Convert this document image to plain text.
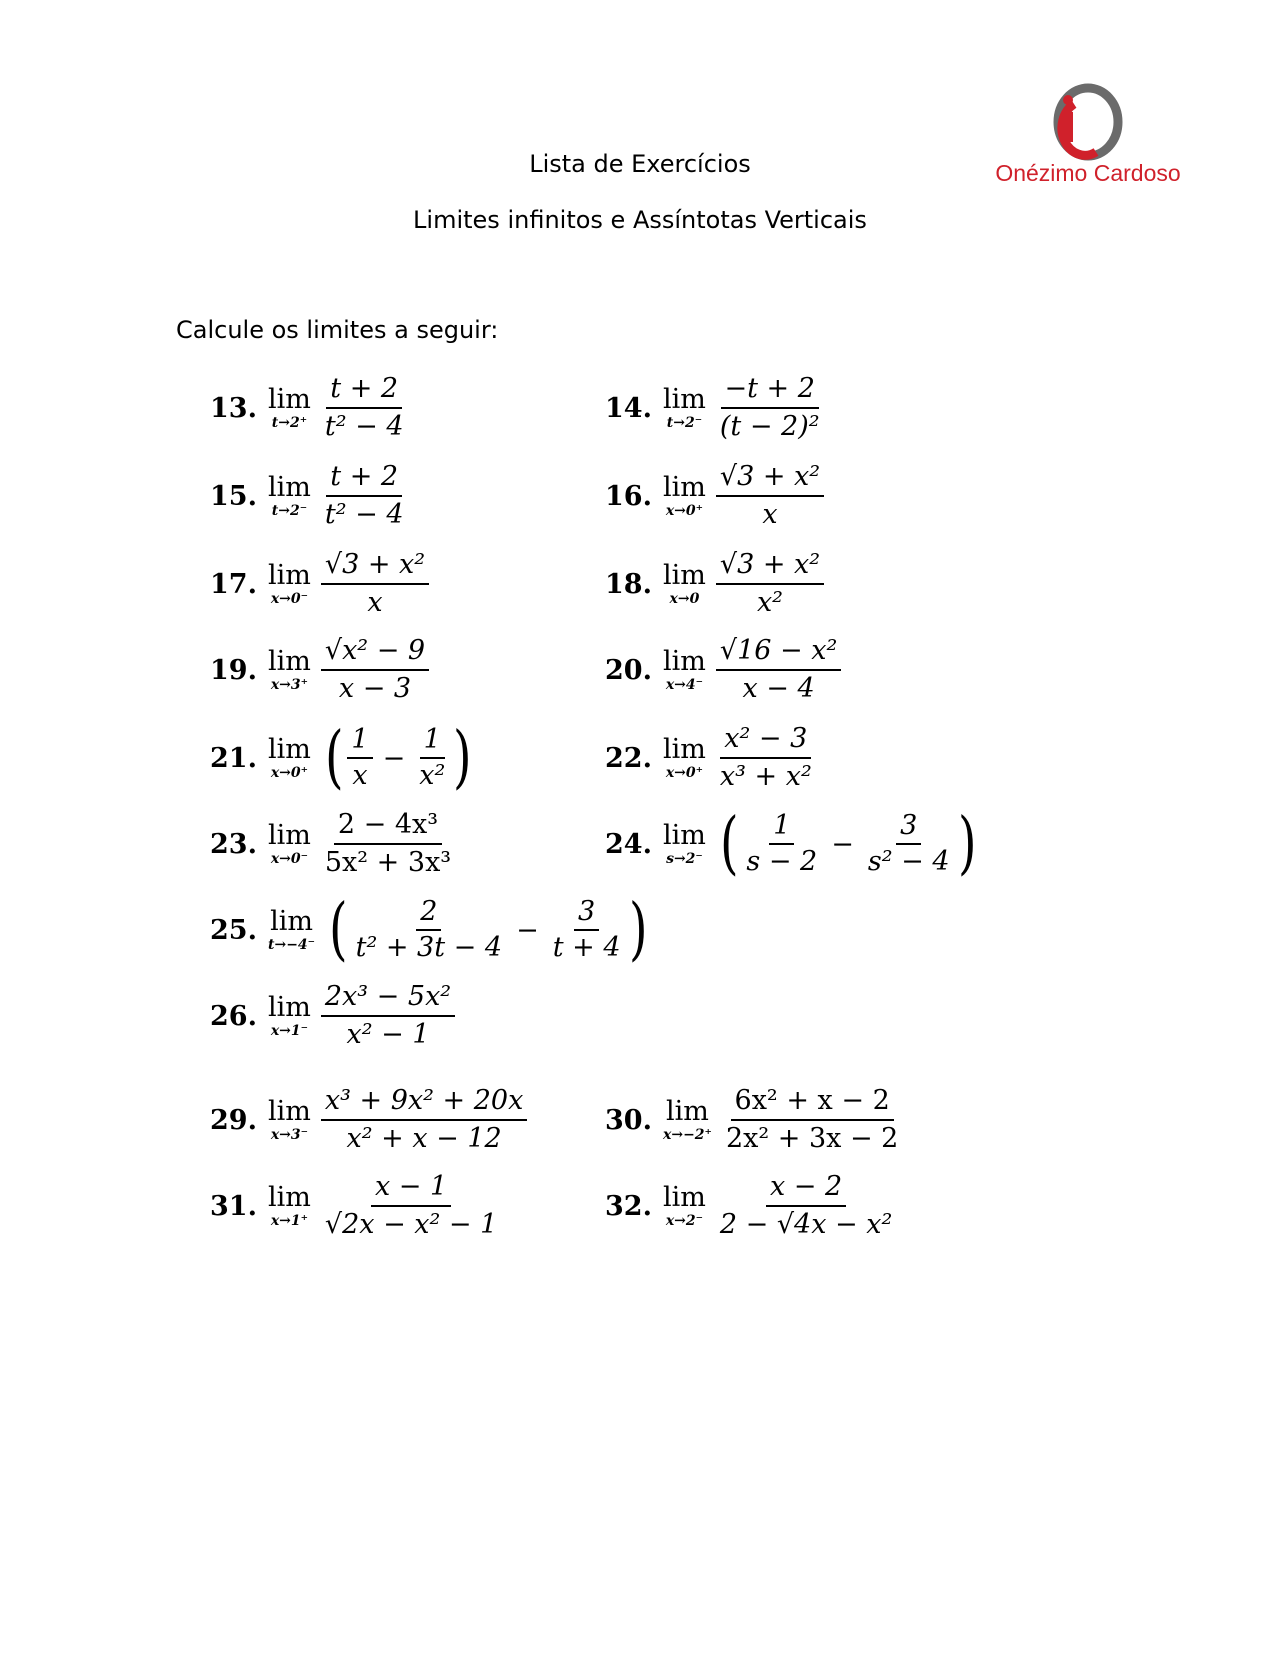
Lista de Exercícios
Limites infinitos e Assíntotas Verticais
Onézimo Cardoso
Calcule os limites a seguir:
13. lim
$t\to 2^+ \frac{t + 2}{\text{t² − 4}}$	14. lim
$t\to 2^- \frac{-t + 2}{\text{(t − 2)²}}$
15. lim
$t\to 2^- \frac{t + 2}{\text{t² − 4}}$	16. lim
$x\to 0^+ \frac{\text{√3 + x²}}{x}$
17. lim
$x\to 0^- \frac{\text{√3 + x²}}{x}$	18. lim
$x\to 0 \frac{\text{√3 + x²}}{\text{x²}}$
19. lim
$x\to 3^+ \frac{\text{√x² − 9}}{x - 3}$	20. lim
$x\to 4^- \frac{\text{√16 − x²}}{x - 4}$
21. lim
x→0⁺ ( $\frac{1}{x} - \frac{1}{\text{x²}}$ )	22. lim
$x\to 0^+ \frac{\text{x² − 3}}{\text{x³ + x²}}$
23. lim
$x\to 0^- \frac{\text{2 − 4x³}}{\text{5x² + 3x³}}$	24. lim
s→2⁻ ( $\frac{1}{s - 2} - \frac{3}{\text{s² − 4}}$ )
25. lim
t→−4⁻ ( $\frac{2}{\text{t² + 3t − 4}} - \frac{3}{t + 4}$ )
26. lim
$x\to 1^- \frac{\text{2x³ − 5x²}}{\text{x² − 1}}$
29. lim
$x\to 3^- \frac{\text{x³ + 9x² + 20x}}{\text{x² + x − 12}}$	30. lim
$x\to-2^+ \frac{\text{6x² + x − 2}}{\text{2x² + 3x − 2}}$
31. lim
$x\to 1^+ \frac{x - 1}{\text{√2x − x² − 1}}$	32. lim
$x\to 2^- \frac{x - 2}{\text{2 − √4x − x²}}$
